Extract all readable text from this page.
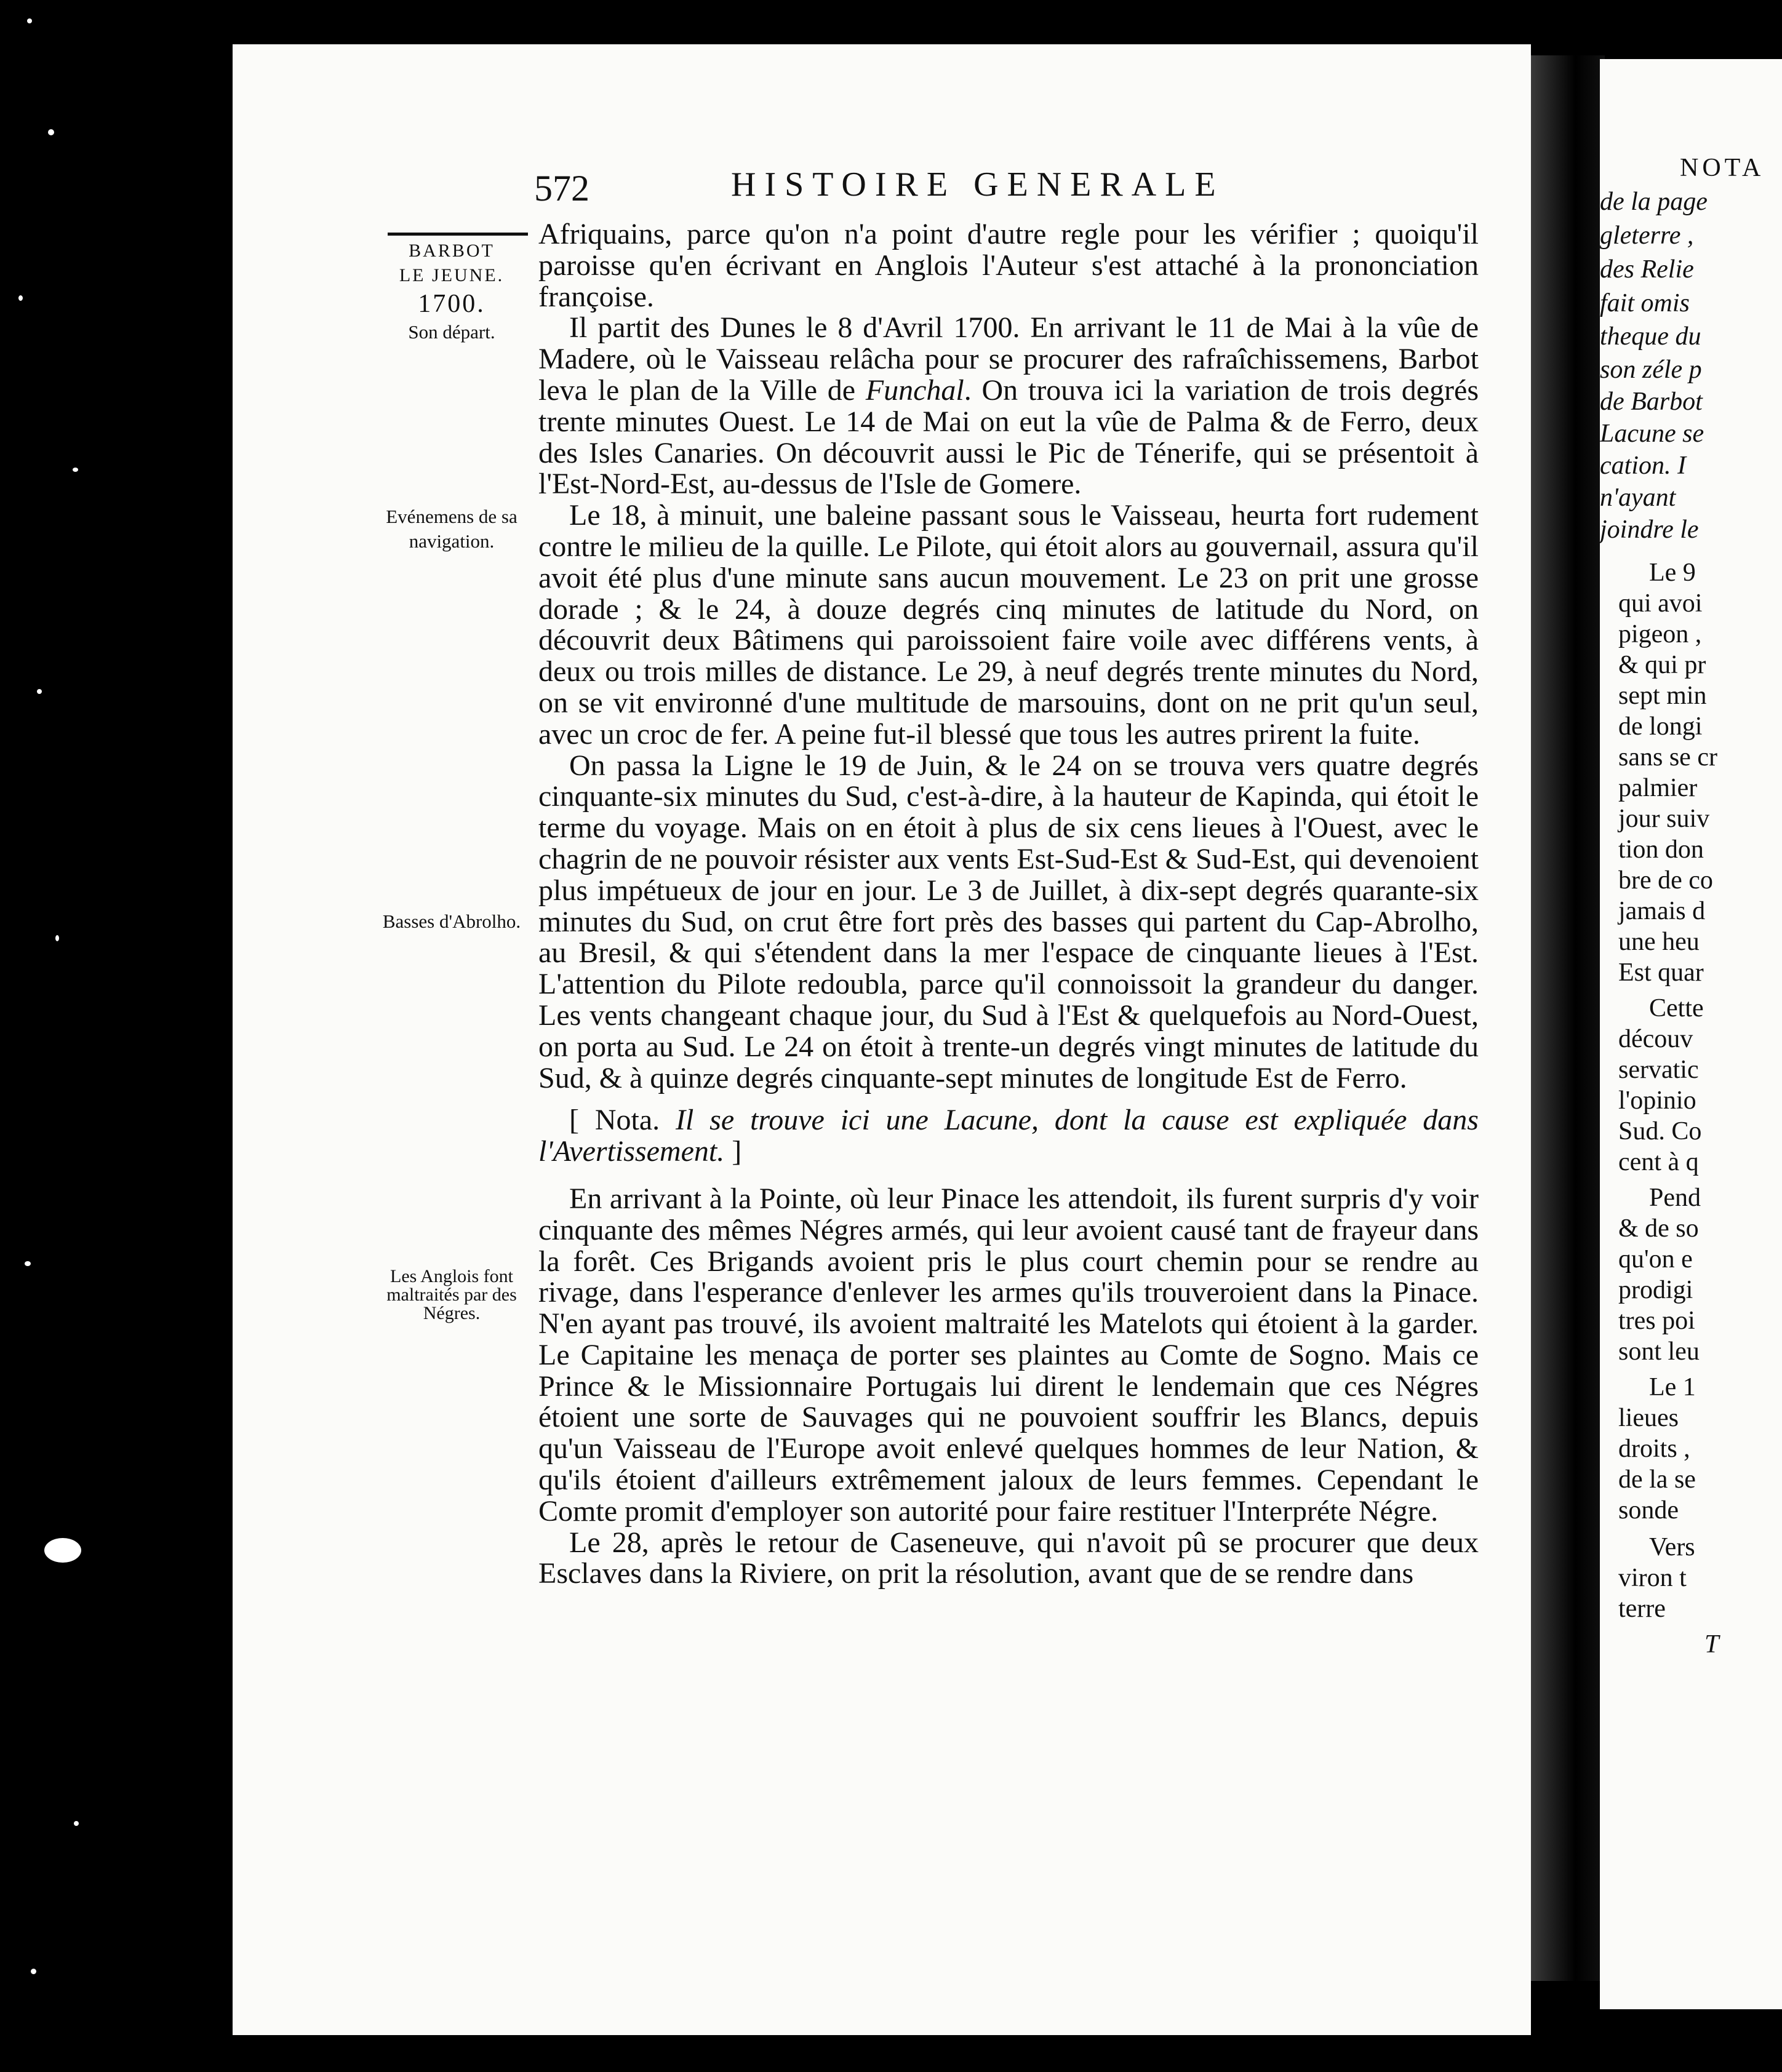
572	HISTOIRE GENERALE
BARBOT
LE JEUNE.
1700.
Son départ.
Evénemens de sa navigation.
Basses d'Abrolho.
Les Anglois font maltraités par des Négres.

Afriquains, parce qu'on n'a point d'autre regle pour les vérifier ; quoiqu'il paroisse qu'en écrivant en Anglois l'Auteur s'est attaché à la prononciation françoise.

Il partit des Dunes le 8 d'Avril 1700. En arrivant le 11 de Mai à la vûe de Madere, où le Vaisseau relâcha pour se procurer des rafraîchissemens, Barbot leva le plan de la Ville de Funchal. On trouva ici la variation de trois degrés trente minutes Ouest. Le 14 de Mai on eut la vûe de Palma & de Ferro, deux des Isles Canaries. On découvrit aussi le Pic de Ténerife, qui se présentoit à l'Est-Nord-Est, au-dessus de l'Isle de Gomere.

Le 18, à minuit, une baleine passant sous le Vaisseau, heurta fort rudement contre le milieu de la quille. Le Pilote, qui étoit alors au gouvernail, assura qu'il avoit été plus d'une minute sans aucun mouvement. Le 23 on prit une grosse dorade ; & le 24, à douze degrés cinq minutes de latitude du Nord, on découvrit deux Bâtimens qui paroissoient faire voile avec différens vents, à deux ou trois milles de distance. Le 29, à neuf degrés trente minutes du Nord, on se vit environné d'une multitude de marsouins, dont on ne prit qu'un seul, avec un croc de fer. A peine fut-il blessé que tous les autres prirent la fuite.

On passa la Ligne le 19 de Juin, & le 24 on se trouva vers quatre degrés cinquante-six minutes du Sud, c'est-à-dire, à la hauteur de Kapinda, qui étoit le terme du voyage. Mais on en étoit à plus de six cens lieues à l'Ouest, avec le chagrin de ne pouvoir résister aux vents Est-Sud-Est & Sud-Est, qui devenoient plus impétueux de jour en jour. Le 3 de Juillet, à dix-sept degrés quarante-six minutes du Sud, on crut être fort près des basses qui partent du Cap-Abrolho, au Bresil, & qui s'étendent dans la mer l'espace de cinquante lieues à l'Est. L'attention du Pilote redoubla, parce qu'il connoissoit la grandeur du danger. Les vents changeant chaque jour, du Sud à l'Est & quelquefois au Nord-Ouest, on porta au Sud. Le 24 on étoit à trente-un degrés vingt minutes de latitude du Sud, & à quinze degrés cinquante-sept minutes de longitude Est de Ferro.

[ Nota. Il se trouve ici une Lacune, dont la cause est expliquée dans l'Avertissement. ]

En arrivant à la Pointe, où leur Pinace les attendoit, ils furent surpris d'y voir cinquante des mêmes Négres armés, qui leur avoient causé tant de frayeur dans la forêt. Ces Brigands avoient pris le plus court chemin pour se rendre au rivage, dans l'esperance d'enlever les armes qu'ils trouveroient dans la Pinace. N'en ayant pas trouvé, ils avoient maltraité les Matelots qui étoient à la garder. Le Capitaine les menaça de porter ses plaintes au Comte de Sogno. Mais ce Prince & le Missionnaire Portugais lui dirent le lendemain que ces Négres étoient une sorte de Sauvages qui ne pouvoient souffrir les Blancs, depuis qu'un Vaisseau de l'Europe avoit enlevé quelques hommes de leur Nation, & qu'ils étoient d'ailleurs extrêmement jaloux de leurs femmes. Cependant le Comte promit d'employer son autorité pour faire restituer l'Interpréte Négre.

Le 28, après le retour de Caseneuve, qui n'avoit pû se procurer que deux Esclaves dans la Riviere, on prit la résolution, avant que de se rendre dans

NOTA
de la page
gleterre ,
des Relie
fait omis
theque du
son zéle p
de Barbot
Lacune se
cation. I
n'ayant
joindre le
Le 9
qui avoi
pigeon ,
& qui pr
sept min
de longi
sans se cr
palmier
jour suiv
tion don
bre de co
jamais d
une heu
Est quar
Cette
découv
servatic
l'opinio
Sud. Co
cent à q
Pend
& de so
qu'on e
prodigi
tres poi
sont leu
Le 1
lieues
droits ,
de la se
sonde
Vers
viron t
terre
T
